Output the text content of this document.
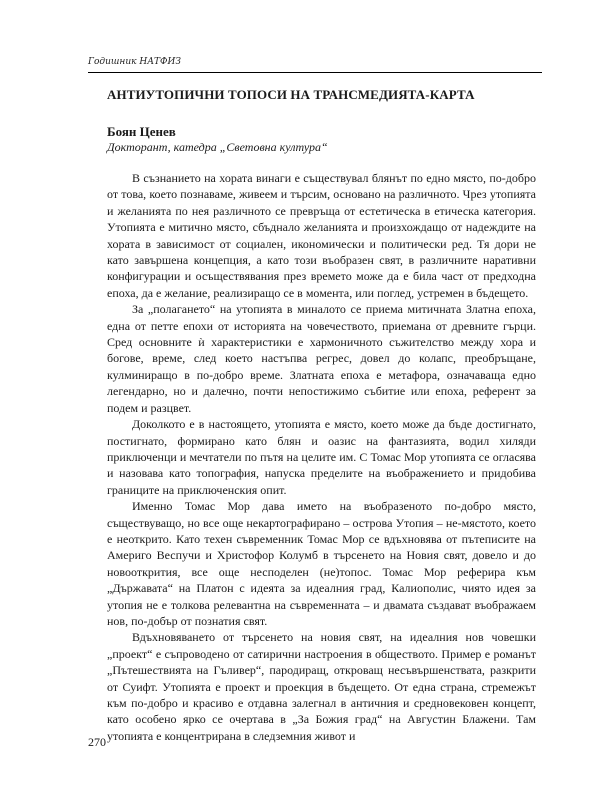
Годишник НАТФИЗ
АНТИУТОПИЧНИ ТОПОСИ НА ТРАНСМЕДИЯТА-КАРТА
Боян Ценев
Докторант, катедра „Световна култура“

В съзнанието на хората винаги е съществувал блянът по едно място, по-добро от това, което познаваме, живеем и търсим, основано на различното. Чрез утопията и желанията по нея различното се превръща от естетическа в етическа категория. Утопията е митично място, сбъднало желанията и произхождащо от надеждите на хората в зависимост от социален, икономически и политически ред. Тя дори не като завършена концепция, а като този въобразен свят, в различните наративни конфигурации и осъществявания през времето може да е била част от предходна епоха, да е желание, реализиращо се в момента, или поглед, устремен в бъдещето.

За „полагането“ на утопията в миналото се приема митичната Златна епоха, една от петте епохи от историята на човечеството, приемана от древните гърци. Сред основните ѝ характеристики е хармоничното съжителство между хора и богове, време, след което настъпва регрес, довел до колапс, преобръщане, кулминиращо в по-добро време. Златната епоха е метафора, означаваща едно легендарно, но и далечно, почти непостижимо събитие или епоха, референт за подем и разцвет.

Доколкото е в настоящето, утопията е място, което може да бъде достигнато, постигнато, формирано като блян и оазис на фантазията, водил хиляди приключенци и мечтатели по пътя на целите им. С Томас Мор утопията се огласява и назовава като топография, напуска пределите на въображението и придобива границите на приключенския опит.

Именно Томас Мор дава името на въобразеното по-добро място, съществуващо, но все още некартографирано – острова Утопия – не-мястото, което е неоткрито. Като техен съвременник Томас Мор се вдъхновява от пътеписите на Америго Веспучи и Христофор Колумб в търсенето на Новия свят, довело и до новооткрития, все още несподелен (не)топос. Томас Мор реферира към „Държавата“ на Платон с идеята за идеалния град, Калиополис, чиято идея за утопия не е толкова релевантна на съвременната – и двамата създават въображаем нов, по-добър от познатия свят.

Вдъхновяването от търсенето на новия свят, на идеалния нов човешки „проект“ е съпроводено от сатирични настроения в обществото. Пример е романът „Пътешествията на Гъливер“, пародиращ, откроващ несъвършенствата, разкрити от Суифт. Утопията е проект и проекция в бъдещето. От една страна, стремежът към по-добро и красиво е отдавна залегнал в античния и средновековен концепт, като особено ярко се очертава в „За Божия град“ на Августин Блажени. Там утопията е концентрирана в следземния живот и

270
